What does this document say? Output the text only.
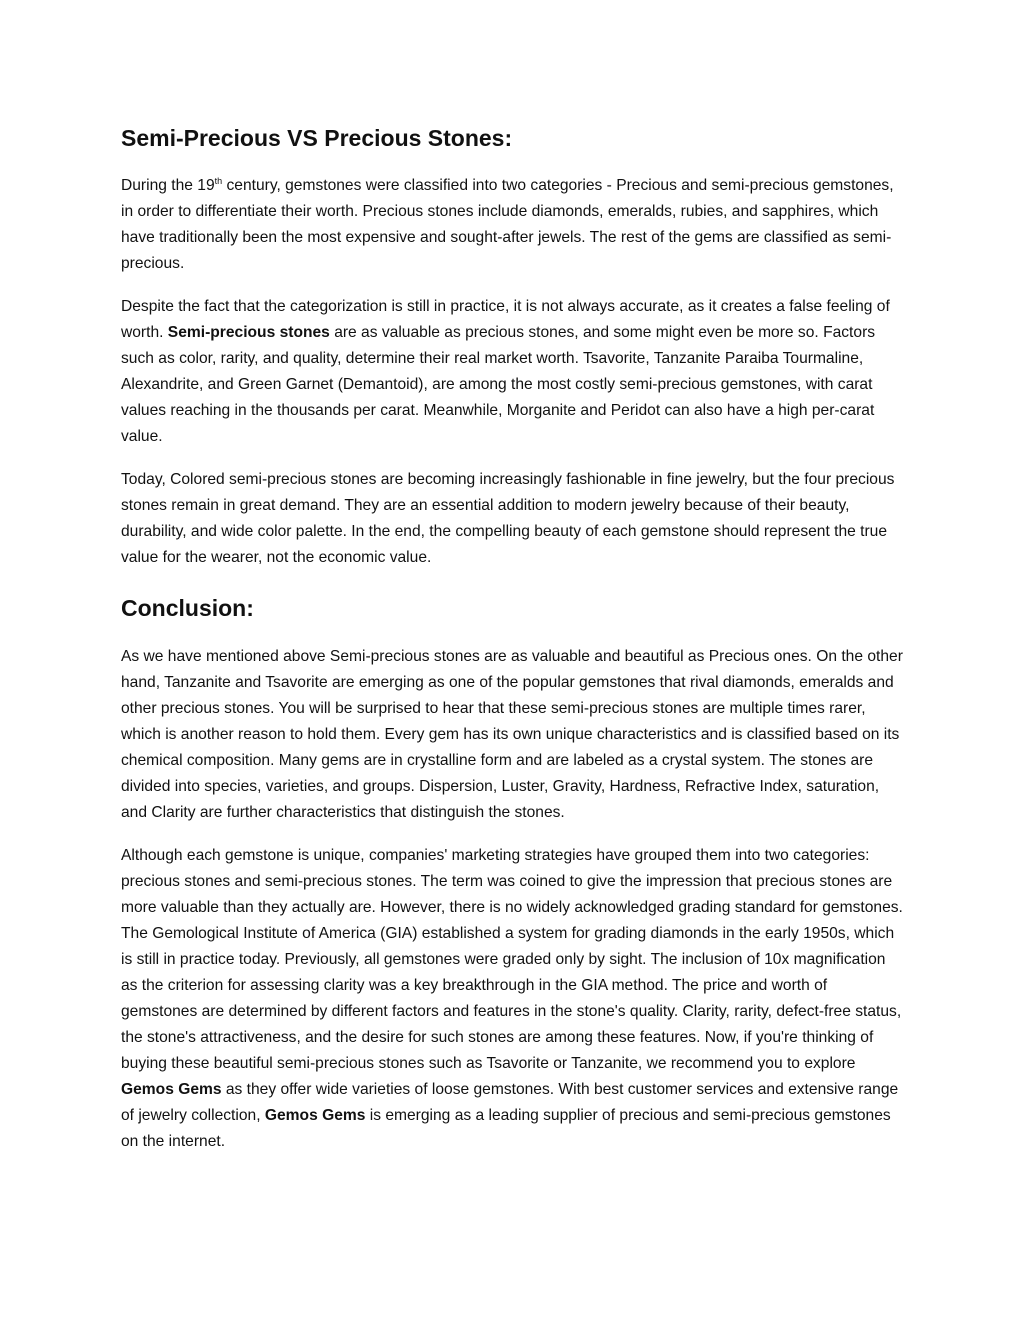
Semi-Precious VS Precious Stones:

During the 19th century, gemstones were classified into two categories - Precious and semi-precious gemstones, in order to differentiate their worth. Precious stones include diamonds, emeralds, rubies, and sapphires, which have traditionally been the most expensive and sought-after jewels. The rest of the gems are classified as semi-precious.

Despite the fact that the categorization is still in practice, it is not always accurate, as it creates a false feeling of worth. Semi-precious stones are as valuable as precious stones, and some might even be more so. Factors such as color, rarity, and quality, determine their real market worth. Tsavorite, Tanzanite Paraiba Tourmaline, Alexandrite, and Green Garnet (Demantoid), are among the most costly semi-precious gemstones, with carat values reaching in the thousands per carat. Meanwhile, Morganite and Peridot can also have a high per-carat value.

Today, Colored semi-precious stones are becoming increasingly fashionable in fine jewelry, but the four precious stones remain in great demand. They are an essential addition to modern jewelry because of their beauty, durability, and wide color palette. In the end, the compelling beauty of each gemstone should represent the true value for the wearer, not the economic value.

Conclusion:

As we have mentioned above Semi-precious stones are as valuable and beautiful as Precious ones. On the other hand, Tanzanite and Tsavorite are emerging as one of the popular gemstones that rival diamonds, emeralds and other precious stones. You will be surprised to hear that these semi-precious stones are multiple times rarer, which is another reason to hold them. Every gem has its own unique characteristics and is classified based on its chemical composition. Many gems are in crystalline form and are labeled as a crystal system. The stones are divided into species, varieties, and groups. Dispersion, Luster, Gravity, Hardness, Refractive Index, saturation, and Clarity are further characteristics that distinguish the stones.

Although each gemstone is unique, companies' marketing strategies have grouped them into two categories: precious stones and semi-precious stones. The term was coined to give the impression that precious stones are more valuable than they actually are. However, there is no widely acknowledged grading standard for gemstones. The Gemological Institute of America (GIA) established a system for grading diamonds in the early 1950s, which is still in practice today. Previously, all gemstones were graded only by sight. The inclusion of 10x magnification as the criterion for assessing clarity was a key breakthrough in the GIA method. The price and worth of gemstones are determined by different factors and features in the stone's quality. Clarity, rarity, defect-free status, the stone's attractiveness, and the desire for such stones are among these features. Now, if you're thinking of buying these beautiful semi-precious stones such as Tsavorite or Tanzanite, we recommend you to explore Gemos Gems as they offer wide varieties of loose gemstones. With best customer services and extensive range of jewelry collection, Gemos Gems is emerging as a leading supplier of precious and semi-precious gemstones on the internet.
